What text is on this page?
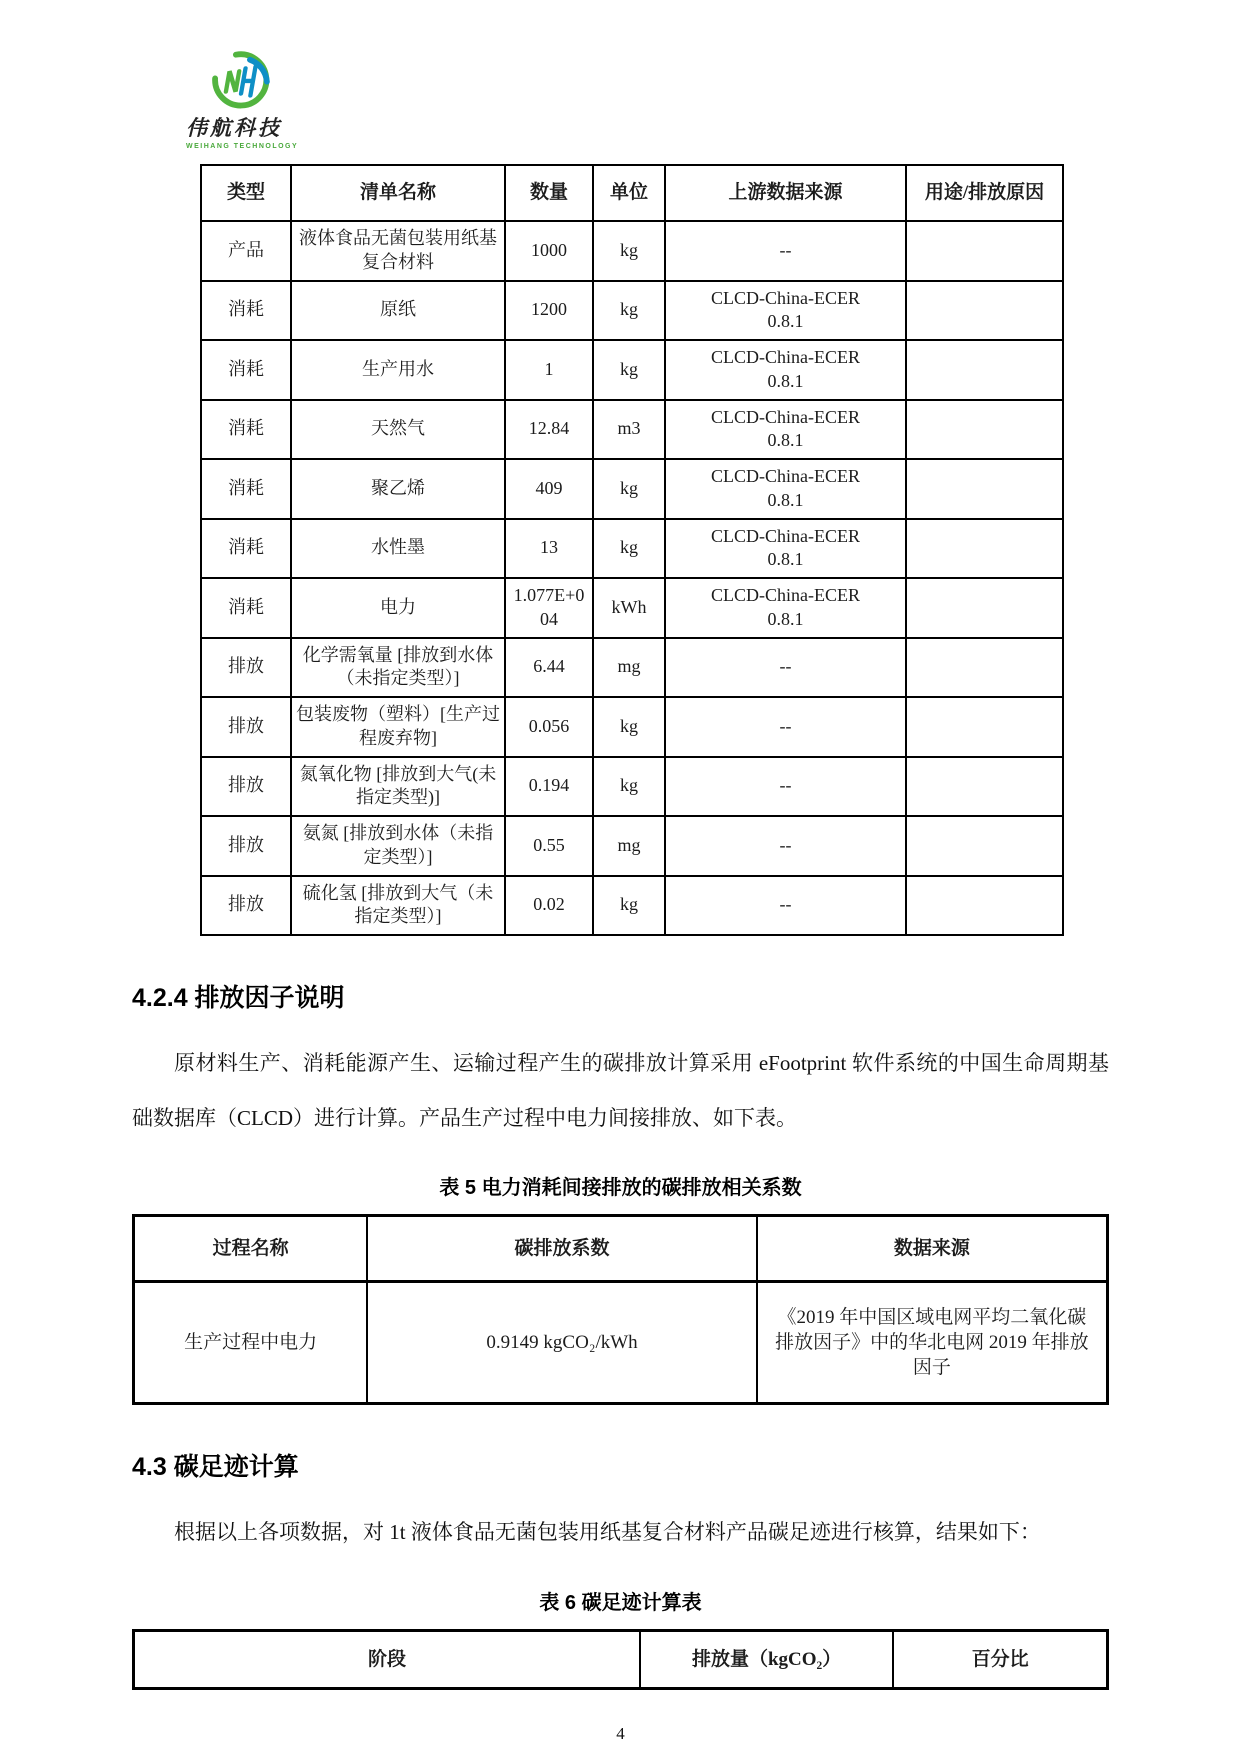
伟航科技
WEIHANG TECHNOLOGY
类型	清单名称	数量	单位	上游数据来源	用途/排放原因
产品	液体食品无菌包装用纸基复合材料	1000	kg	--	
消耗	原纸	1200	kg	CLCD-China-ECER 0.8.1	
消耗	生产用水	1	kg	CLCD-China-ECER 0.8.1	
消耗	天然气	12.84	m3	CLCD-China-ECER 0.8.1	
消耗	聚乙烯	409	kg	CLCD-China-ECER 0.8.1	
消耗	水性墨	13	kg	CLCD-China-ECER 0.8.1	
消耗	电力	1.077E+004	kWh	CLCD-China-ECER 0.8.1	
排放	化学需氧量 [排放到水体（未指定类型）]	6.44	mg	--	
排放	包装废物（塑料）[生产过程废弃物]	0.056	kg	--	
排放	氮氧化物 [排放到大气(未指定类型)]	0.194	kg	--	
排放	氨氮 [排放到水体（未指定类型）]	0.55	mg	--	
排放	硫化氢 [排放到大气（未指定类型）]	0.02	kg	--	
4.2.4 排放因子说明

原材料生产、消耗能源产生、运输过程产生的碳排放计算采用 eFootprint 软件系统的中国生命周期基础数据库（CLCD）进行计算。产品生产过程中电力间接排放、如下表。

表 5 电力消耗间接排放的碳排放相关系数
过程名称	碳排放系数	数据来源
生产过程中电力	0.9149 kgCO₂/kWh	《2019 年中国区域电网平均二氧化碳排放因子》中的华北电网 2019 年排放因子
4.3 碳足迹计算

根据以上各项数据，对 1t 液体食品无菌包装用纸基复合材料产品碳足迹进行核算，结果如下：

表 6 碳足迹计算表
阶段	排放量（kgCO₂）	百分比
4
